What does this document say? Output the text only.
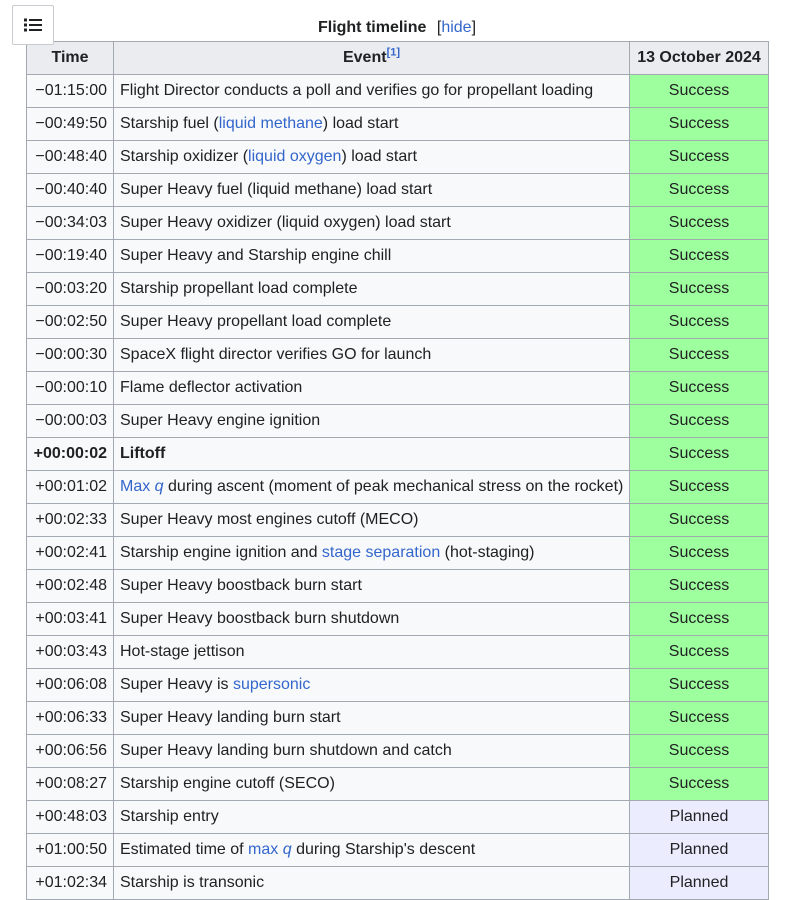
Flight timeline [hide]
Time	Event[1]	13 October 2024
−01:15:00	Flight Director conducts a poll and verifies go for propellant loading	Success
−00:49:50	Starship fuel (liquid methane) load start	Success
−00:48:40	Starship oxidizer (liquid oxygen) load start	Success
−00:40:40	Super Heavy fuel (liquid methane) load start	Success
−00:34:03	Super Heavy oxidizer (liquid oxygen) load start	Success
−00:19:40	Super Heavy and Starship engine chill	Success
−00:03:20	Starship propellant load complete	Success
−00:02:50	Super Heavy propellant load complete	Success
−00:00:30	SpaceX flight director verifies GO for launch	Success
−00:00:10	Flame deflector activation	Success
−00:00:03	Super Heavy engine ignition	Success
+00:00:02	Liftoff	Success
+00:01:02	Max q during ascent (moment of peak mechanical stress on the rocket)	Success
+00:02:33	Super Heavy most engines cutoff (MECO)	Success
+00:02:41	Starship engine ignition and stage separation (hot-staging)	Success
+00:02:48	Super Heavy boostback burn start	Success
+00:03:41	Super Heavy boostback burn shutdown	Success
+00:03:43	Hot-stage jettison	Success
+00:06:08	Super Heavy is supersonic	Success
+00:06:33	Super Heavy landing burn start	Success
+00:06:56	Super Heavy landing burn shutdown and catch	Success
+00:08:27	Starship engine cutoff (SECO)	Success
+00:48:03	Starship entry	Planned
+01:00:50	Estimated time of max q during Starship's descent	Planned
+01:02:34	Starship is transonic	Planned
